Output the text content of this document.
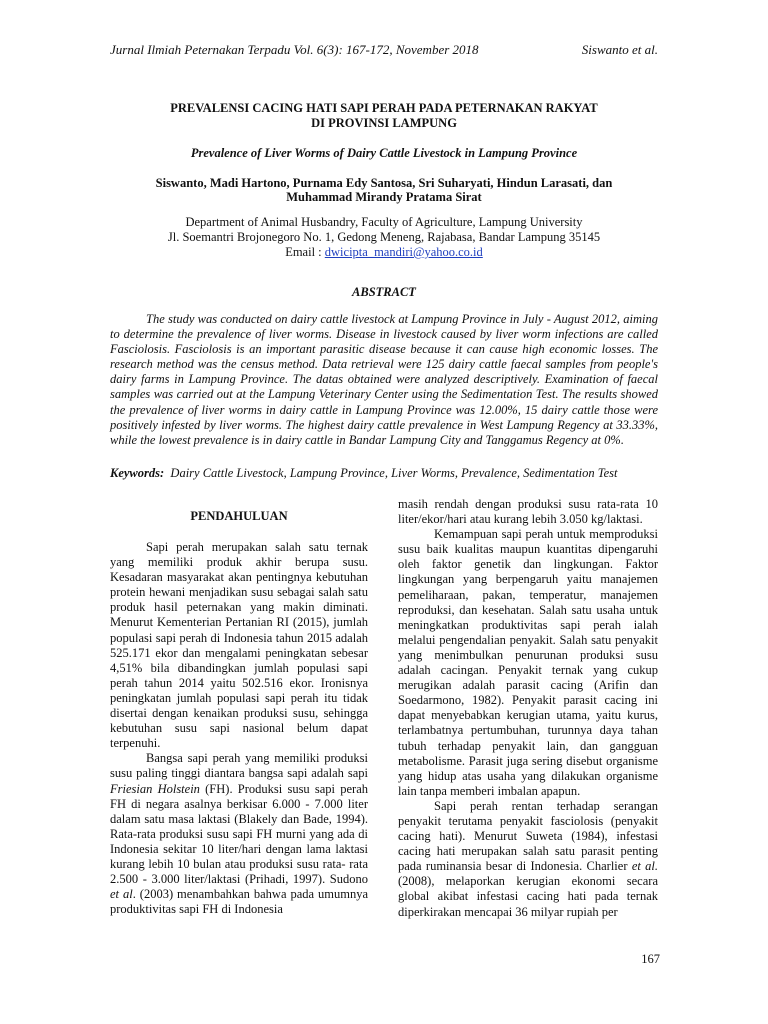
Jurnal Ilmiah Peternakan Terpadu Vol. 6(3): 167-172, November 2018	Siswanto et al.
PREVALENSI CACING HATI SAPI PERAH PADA PETERNAKAN RAKYAT
DI PROVINSI LAMPUNG
Prevalence of Liver Worms of Dairy Cattle Livestock in Lampung Province
Siswanto, Madi Hartono, Purnama Edy Santosa, Sri Suharyati, Hindun Larasati, dan
Muhammad Mirandy Pratama Sirat
Department of Animal Husbandry, Faculty of Agriculture, Lampung University
Jl. Soemantri Brojonegoro No. 1, Gedong Meneng, Rajabasa, Bandar Lampung 35145
Email : dwicipta_mandiri@yahoo.co.id
ABSTRACT
The study was conducted on dairy cattle livestock at Lampung Province in July - August 2012, aiming to determine the prevalence of liver worms. Disease in livestock caused by liver worm infections are called Fasciolosis. Fasciolosis is an important parasitic disease because it can cause high economic losses. The research method was the census method. Data retrieval were 125 dairy cattle faecal samples from people's dairy farms in Lampung Province. The datas obtained were analyzed descriptively. Examination of faecal samples was carried out at the Lampung Veterinary Center using the Sedimentation Test. The results showed the prevalence of liver worms in dairy cattle in Lampung Province was 12.00%, 15 dairy cattle those were positively infested by liver worms. The highest dairy cattle prevalence in West Lampung Regency at 33.33%, while the lowest prevalence is in dairy cattle in Bandar Lampung City and Tanggamus Regency at 0%.
Keywords: Dairy Cattle Livestock, Lampung Province, Liver Worms, Prevalence, Sedimentation Test
PENDAHULUAN

Sapi perah merupakan salah satu ternak yang memiliki produk akhir berupa susu. Kesadaran masyarakat akan pentingnya kebutuhan protein hewani menjadikan susu sebagai salah satu produk hasil peternakan yang makin diminati. Menurut Kementerian Pertanian RI (2015), jumlah populasi sapi perah di Indonesia tahun 2015 adalah 525.171 ekor dan mengalami peningkatan sebesar 4,51% bila dibandingkan jumlah populasi sapi perah tahun 2014 yaitu 502.516 ekor. Ironisnya peningkatan jumlah populasi sapi perah itu tidak disertai dengan kenaikan produksi susu, sehingga kebutuhan susu sapi nasional belum dapat terpenuhi.

Bangsa sapi perah yang memiliki produksi susu paling tinggi diantara bangsa sapi adalah sapi Friesian Holstein (FH). Produksi susu sapi perah FH di negara asalnya berkisar 6.000 - 7.000 liter dalam satu masa laktasi (Blakely dan Bade, 1994). Rata-rata produksi susu sapi FH murni yang ada di Indonesia sekitar 10 liter/hari dengan lama laktasi kurang lebih 10 bulan atau produksi susu rata- rata 2.500 - 3.000 liter/laktasi (Prihadi, 1997). Sudono et al. (2003) menambahkan bahwa pada umumnya produktivitas sapi FH di Indonesia

masih rendah dengan produksi susu rata-rata 10 liter/ekor/hari atau kurang lebih 3.050 kg/laktasi.

Kemampuan sapi perah untuk memproduksi susu baik kualitas maupun kuantitas dipengaruhi oleh faktor genetik dan lingkungan. Faktor lingkungan yang berpengaruh yaitu manajemen pemeliharaan, pakan, temperatur, manajemen reproduksi, dan kesehatan. Salah satu usaha untuk meningkatkan produktivitas sapi perah ialah melalui pengendalian penyakit. Salah satu penyakit yang menimbulkan penurunan produksi susu adalah cacingan. Penyakit ternak yang cukup merugikan adalah parasit cacing (Arifin dan Soedarmono, 1982). Penyakit parasit cacing ini dapat menyebabkan kerugian utama, yaitu kurus, terlambatnya pertumbuhan, turunnya daya tahan tubuh terhadap penyakit lain, dan gangguan metabolisme. Parasit juga sering disebut organisme yang hidup atas usaha yang dilakukan organisme lain tanpa memberi imbalan apapun.

Sapi perah rentan terhadap serangan penyakit terutama penyakit fasciolosis (penyakit cacing hati). Menurut Suweta (1984), infestasi cacing hati merupakan salah satu parasit penting pada ruminansia besar di Indonesia. Charlier et al. (2008), melaporkan kerugian ekonomi secara global akibat infestasi cacing hati pada ternak diperkirakan mencapai 36 milyar rupiah per

167
